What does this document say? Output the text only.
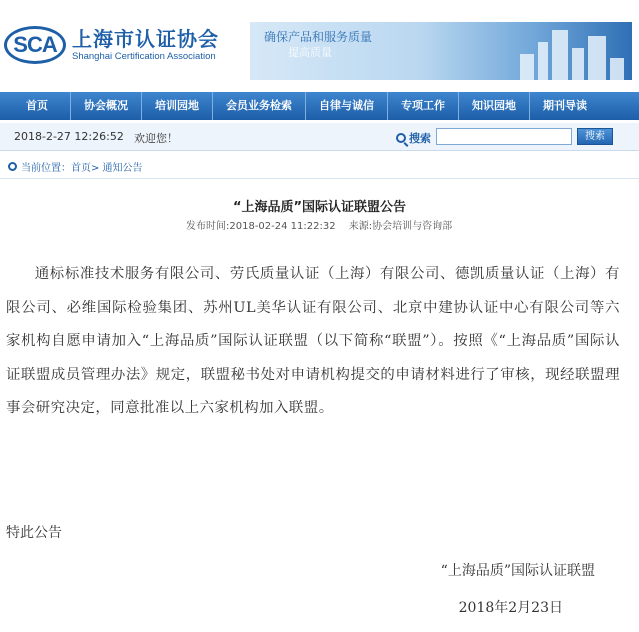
SCA 上海市认证协会
Shanghai Certification Association
确保产品和服务质量
提高质量
首页	协会概况	培训园地	会员业务检索	自律与诚信	专项工作	知识园地	期刊导读
2018-2-27 12:26:52 欢迎您！	搜索	搜索
当前位置：首页> 通知公告
“上海品质”国际认证联盟公告
发布时间:2018-02-24 11:22:32 来源:协会培训与咨询部
通标标准技术服务有限公司、劳氏质量认证（上海）有限公司、德凯质量认证（上海）有限公司、必维国际检验集团、苏州UL美华认证有限公司、北京中建协认证中心有限公司等六家机构自愿申请加入“上海品质”国际认证联盟（以下简称“联盟”）。按照《“上海品质”国际认证联盟成员管理办法》规定，联盟秘书处对申请机构提交的申请材料进行了审核，现经联盟理事会研究决定，同意批准以上六家机构加入联盟。
特此公告
“上海品质”国际认证联盟
2018年2月23日
